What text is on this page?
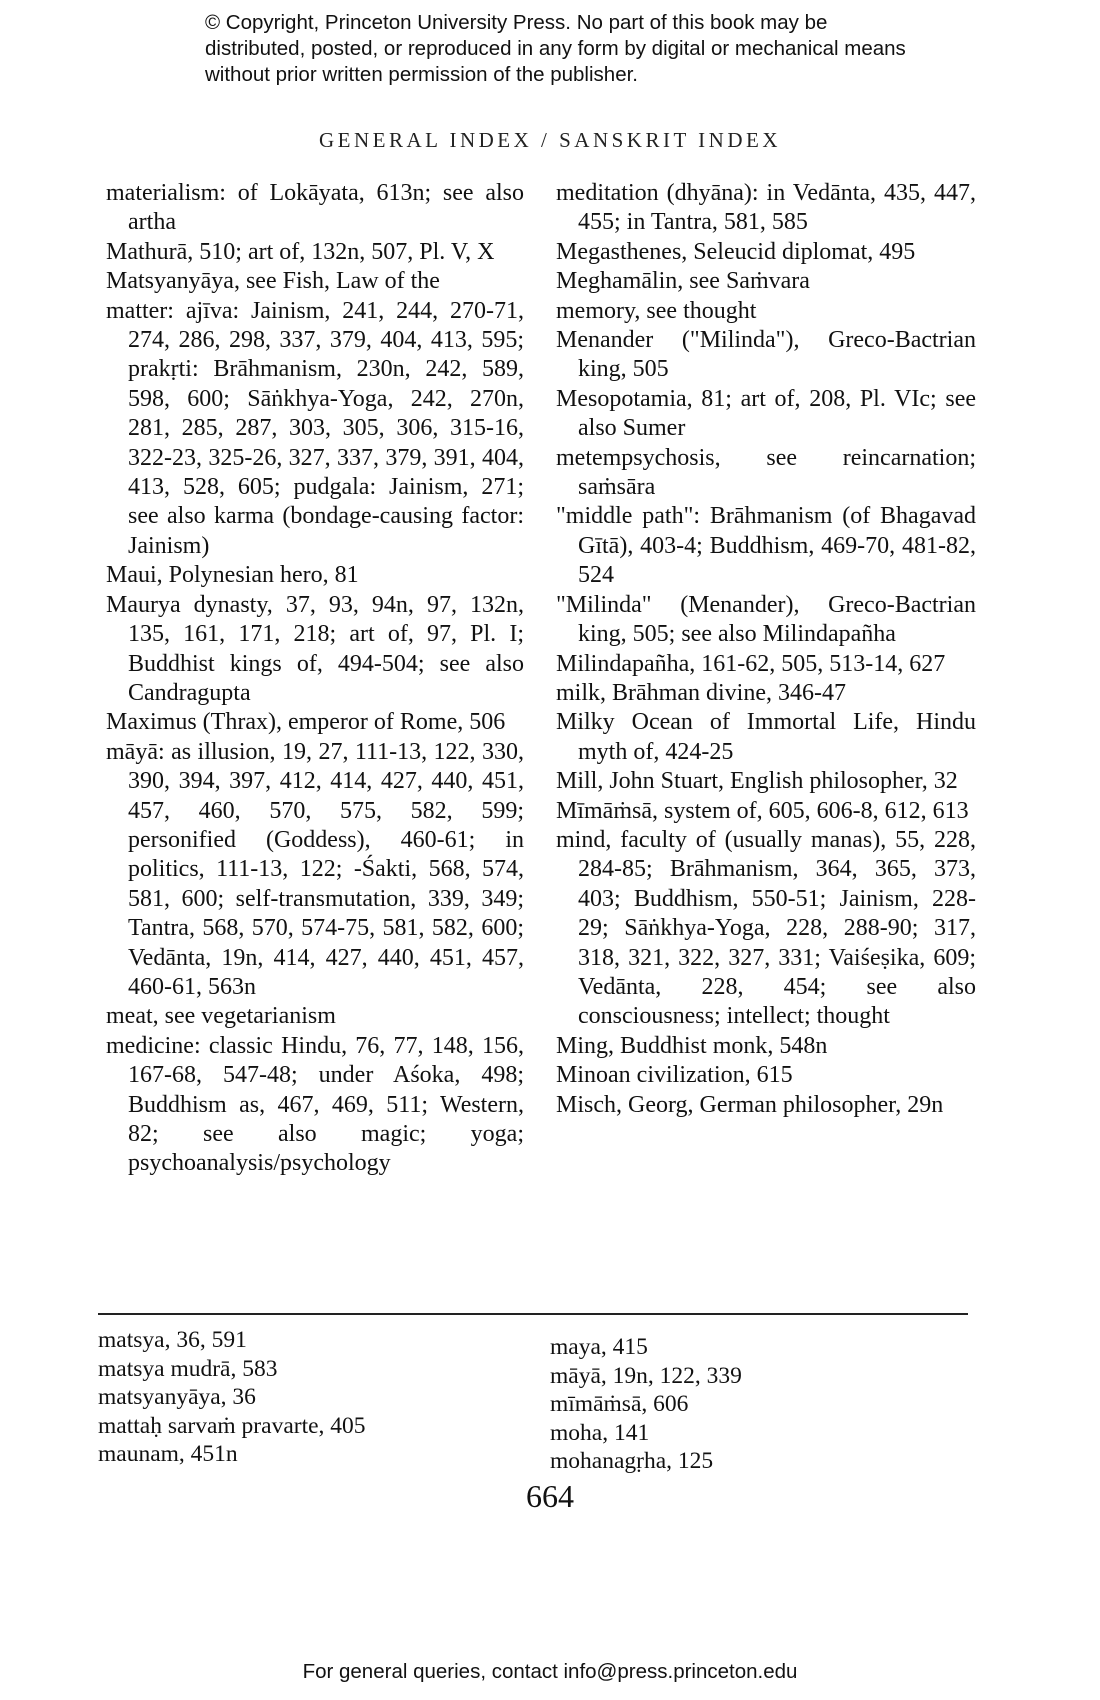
© Copyright, Princeton University Press. No part of this book may be distributed, posted, or reproduced in any form by digital or mechanical means without prior written permission of the publisher.
GENERAL INDEX / SANSKRIT INDEX

materialism: of Lokāyata, 613n; see also artha

Mathurā, 510; art of, 132n, 507, Pl. V, X

Matsyanyāya, see Fish, Law of the

matter: ajīva: Jainism, 241, 244, 270-71, 274, 286, 298, 337, 379, 404, 413, 595; prakṛti: Brāhmanism, 230n, 242, 589, 598, 600; Sāṅkhya-Yoga, 242, 270n, 281, 285, 287, 303, 305, 306, 315-16, 322-23, 325-26, 327, 337, 379, 391, 404, 413, 528, 605; pudgala: Jainism, 271; see also karma (bondage-causing factor: Jainism)

Maui, Polynesian hero, 81

Maurya dynasty, 37, 93, 94n, 97, 132n, 135, 161, 171, 218; art of, 97, Pl. I; Buddhist kings of, 494-504; see also Candragupta

Maximus (Thrax), emperor of Rome, 506

māyā: as illusion, 19, 27, 111-13, 122, 330, 390, 394, 397, 412, 414, 427, 440, 451, 457, 460, 570, 575, 582, 599; personified (Goddess), 460-61; in politics, 111-13, 122; -Śakti, 568, 574, 581, 600; self-transmutation, 339, 349; Tantra, 568, 570, 574-75, 581, 582, 600; Vedānta, 19n, 414, 427, 440, 451, 457, 460-61, 563n

meat, see vegetarianism

medicine: classic Hindu, 76, 77, 148, 156, 167-68, 547-48; under Aśoka, 498; Buddhism as, 467, 469, 511; Western, 82; see also magic; yoga; psychoanalysis/psychology

meditation (dhyāna): in Vedānta, 435, 447, 455; in Tantra, 581, 585

Megasthenes, Seleucid diplomat, 495

Meghamālin, see Saṁvara

memory, see thought

Menander ("Milinda"), Greco-Bactrian king, 505

Mesopotamia, 81; art of, 208, Pl. VIc; see also Sumer

metempsychosis, see reincarnation; saṁsāra

"middle path": Brāhmanism (of Bhagavad Gītā), 403-4; Buddhism, 469-70, 481-82, 524

"Milinda" (Menander), Greco-Bactrian king, 505; see also Milindapañha

Milindapañha, 161-62, 505, 513-14, 627

milk, Brāhman divine, 346-47

Milky Ocean of Immortal Life, Hindu myth of, 424-25

Mill, John Stuart, English philosopher, 32

Mīmāṁsā, system of, 605, 606-8, 612, 613

mind, faculty of (usually manas), 55, 228, 284-85; Brāhmanism, 364, 365, 373, 403; Buddhism, 550-51; Jainism, 228-29; Sāṅkhya-Yoga, 228, 288-90; 317, 318, 321, 322, 327, 331; Vaiśeṣika, 609; Vedānta, 228, 454; see also consciousness; intellect; thought

Ming, Buddhist monk, 548n

Minoan civilization, 615

Misch, Georg, German philosopher, 29n

matsya, 36, 591

matsya mudrā, 583

matsyanyāya, 36

mattaḥ sarvaṁ pravarte, 405

maunam, 451n

maya, 415

māyā, 19n, 122, 339

mīmāṁsā, 606

moha, 141

mohanagṛha, 125

664
For general queries, contact info@press.princeton.edu
